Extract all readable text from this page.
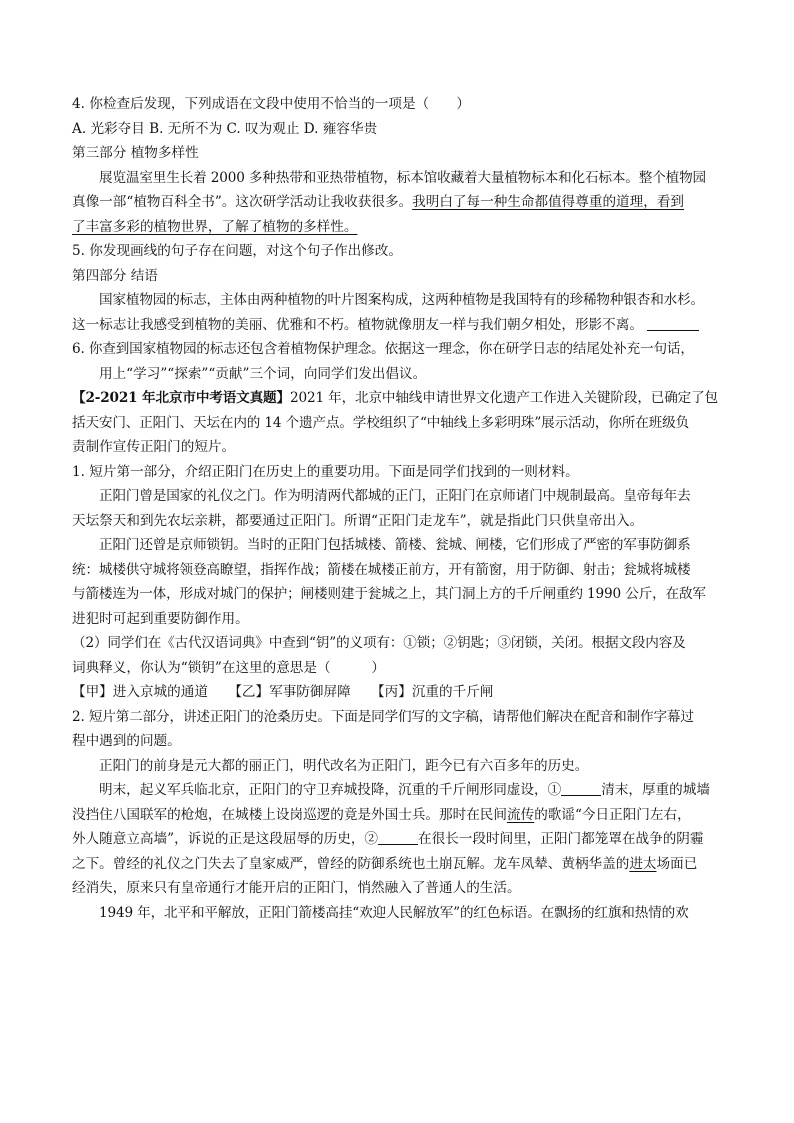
4. 你检查后发现，下列成语在文段中使用不恰当的一项是（　　）
A. 光彩夺目 B. 无所不为 C. 叹为观止 D. 雍容华贵
第三部分 植物多样性
展览温室里生长着 2000 多种热带和亚热带植物，标本馆收藏着大量植物标本和化石标本。整个植物园
真像一部“植物百科全书”。这次研学活动让我收获很多。我明白了每一种生命都值得尊重的道理，看到
了丰富多彩的植物世界，了解了植物的多样性。
5. 你发现画线的句子存在问题，对这个句子作出修改。
第四部分 结语
国家植物园的标志，主体由两种植物的叶片图案构成，这两种植物是我国特有的珍稀物种银杏和水杉。
这一标志让我感受到植物的美丽、优雅和不朽。植物就像朋友一样与我们朝夕相处，形影不离。
6. 你查到国家植物园的标志还包含着植物保护理念。依据这一理念，你在研学日志的结尾处补充一句话，
用上“学习”“探索”“贡献”三个词，向同学们发出倡议。
【2-2021 年北京市中考语文真题】2021 年，北京中轴线申请世界文化遗产工作进入关键阶段，已确定了包
括天安门、正阳门、天坛在内的 14 个遗产点。学校组织了“中轴线上多彩明珠”展示活动，你所在班级负
责制作宣传正阳门的短片。
1. 短片第一部分，介绍正阳门在历史上的重要功用。下面是同学们找到的一则材料。
正阳门曾是国家的礼仪之门。作为明清两代都城的正门，正阳门在京师诸门中规制最高。皇帝每年去
天坛祭天和到先农坛亲耕，都要通过正阳门。所谓“正阳门走龙车”，就是指此门只供皇帝出入。
正阳门还曾是京师锁钥。当时的正阳门包括城楼、箭楼、瓮城、闸楼，它们形成了严密的军事防御系
统：城楼供守城将领登高瞭望，指挥作战；箭楼在城楼正前方，开有箭窗，用于防御、射击；瓮城将城楼
与箭楼连为一体，形成对城门的保护；闸楼则建于瓮城之上，其门洞上方的千斤闸重约 1990 公斤，在敌军
进犯时可起到重要防御作用。
（2）同学们在《古代汉语词典》中查到“钥”的义项有：①锁；②钥匙；③闭锁，关闭。根据文段内容及
词典释义，你认为“锁钥”在这里的意思是（　　　）
【甲】进入京城的通道　　【乙】军事防御屏障　　【丙】沉重的千斤闸
2. 短片第二部分，讲述正阳门的沧桑历史。下面是同学们写的文字稿，请帮他们解决在配音和制作字幕过
程中遇到的问题。
正阳门的前身是元大都的丽正门，明代改名为正阳门，距今已有六百多年的历史。
明末，起义军兵临北京，正阳门的守卫弃城投降，沉重的千斤闸形同虚设，①	清末，厚重的城墙
没挡住八国联军的枪炮，在城楼上设岗巡逻的竟是外国士兵。那时在民间流传的歌谣“今日正阳门左右，
外人随意立高墙”，诉说的正是这段屈辱的历史，②	在很长一段时间里，正阳门都笼罩在战争的阴霾
之下。曾经的礼仪之门失去了皇家威严，曾经的防御系统也土崩瓦解。龙车凤辇、黄柄华盖的进太场面已
经消失，原来只有皇帝通行才能开启的正阳门，悄然融入了普通人的生活。
1949 年，北平和平解放，正阳门箭楼高挂“欢迎人民解放军”的红色标语。在飘扬的红旗和热情的欢
